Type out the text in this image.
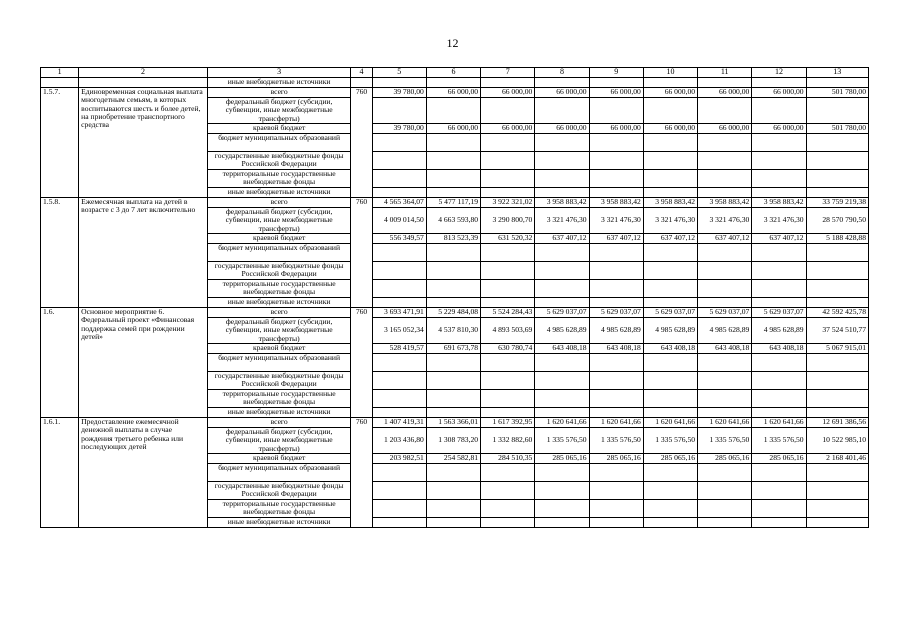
12
1	2	3	4	5	6	7	8	9	10	11	12	13
		иные внебюджетные источники										
1.5.7.	Единовременная социальная выплата многодетным семьям, в которых воспитываются шесть и более детей, на приобретение транспортного средства	всего	760	39 780,00	66 000,00	66 000,00	66 000,00	66 000,00	66 000,00	66 000,00	66 000,00	501 780,00
		федеральный бюджет (субсидии, субвенции, иные межбюджетные трансферты)										
		краевой бюджет		39 780,00	66 000,00	66 000,00	66 000,00	66 000,00	66 000,00	66 000,00	66 000,00	501 780,00
		бюджет муниципальных образований										
		государственные внебюджетные фонды Российской Федерации										
		территориальные государственные внебюджетные фонды										
		иные внебюджетные источники										
1.5.8.	Ежемесячная выплата на детей в возрасте с 3 до 7 лет включительно	всего	760	4 565 364,07	5 477 117,19	3 922 321,02	3 958 883,42	3 958 883,42	3 958 883,42	3 958 883,42	3 958 883,42	33 759 219,38
		федеральный бюджет (субсидии, субвенции, иные межбюджетные трансферты)		4 009 014,50	4 663 593,80	3 290 800,70	3 321 476,30	3 321 476,30	3 321 476,30	3 321 476,30	3 321 476,30	28 570 790,50
		краевой бюджет		556 349,57	813 523,39	631 520,32	637 407,12	637 407,12	637 407,12	637 407,12	637 407,12	5 188 428,88
		бюджет муниципальных образований										
		государственные внебюджетные фонды Российской Федерации										
		территориальные государственные внебюджетные фонды										
		иные внебюджетные источники										
1.6.	Основное мероприятие 6. Федеральный проект «Финансовая поддержка семей при рождении детей»	всего	760	3 693 471,91	5 229 484,08	5 524 284,43	5 629 037,07	5 629 037,07	5 629 037,07	5 629 037,07	5 629 037,07	42 592 425,78
		федеральный бюджет (субсидии, субвенции, иные межбюджетные трансферты)		3 165 052,34	4 537 810,30	4 893 503,69	4 985 628,89	4 985 628,89	4 985 628,89	4 985 628,89	4 985 628,89	37 524 510,77
		краевой бюджет		528 419,57	691 673,78	630 780,74	643 408,18	643 408,18	643 408,18	643 408,18	643 408,18	5 067 915,01
		бюджет муниципальных образований										
		государственные внебюджетные фонды Российской Федерации										
		территориальные государственные внебюджетные фонды										
		иные внебюджетные источники										
1.6.1.	Предоставление ежемесячной денежной выплаты в случае рождения третьего ребенка или последующих детей	всего	760	1 407 419,31	1 563 366,01	1 617 392,95	1 620 641,66	1 620 641,66	1 620 641,66	1 620 641,66	1 620 641,66	12 691 386,56
		федеральный бюджет (субсидии, субвенции, иные межбюджетные трансферты)		1 203 436,80	1 308 783,20	1 332 882,60	1 335 576,50	1 335 576,50	1 335 576,50	1 335 576,50	1 335 576,50	10 522 985,10
		краевой бюджет		203 982,51	254 582,81	284 510,35	285 065,16	285 065,16	285 065,16	285 065,16	285 065,16	2 168 401,46
		бюджет муниципальных образований										
		государственные внебюджетные фонды Российской Федерации										
		территориальные государственные внебюджетные фонды										
		иные внебюджетные источники										
